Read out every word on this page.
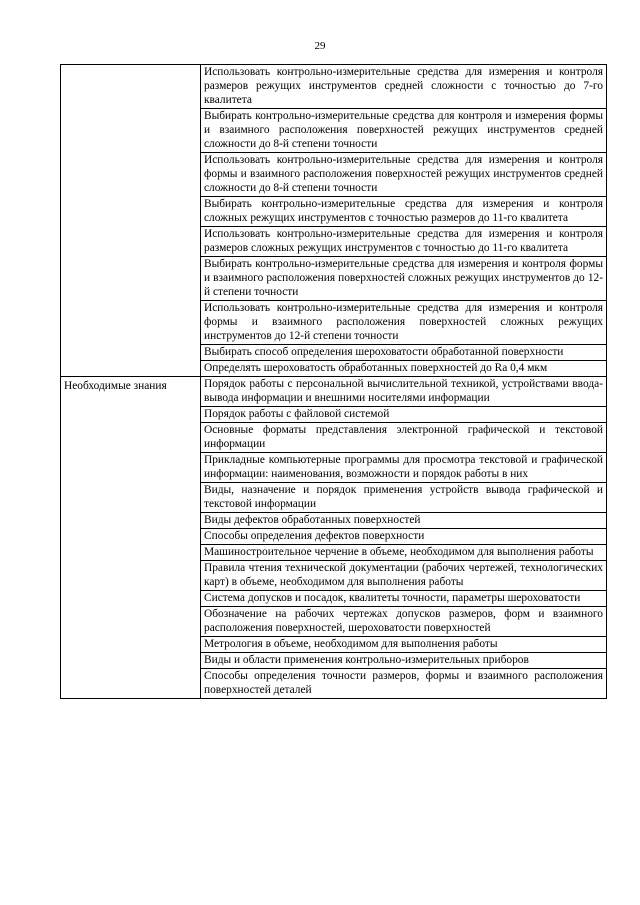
29
	Использовать контрольно-измерительные средства для измерения и контроля размеров режущих инструментов средней сложности с точностью до 7-го квалитета
	Выбирать контрольно-измерительные средства для контроля и измерения формы и взаимного расположения поверхностей режущих инструментов средней сложности до 8-й степени точности
	Использовать контрольно-измерительные средства для измерения и контроля формы и взаимного расположения поверхностей режущих инструментов средней сложности до 8-й степени точности
	Выбирать контрольно-измерительные средства для измерения и контроля сложных режущих инструментов с точностью размеров до 11-го квалитета
	Использовать контрольно-измерительные средства для измерения и контроля размеров сложных режущих инструментов с точностью до 11-го квалитета
	Выбирать контрольно-измерительные средства для измерения и контроля формы и взаимного расположения поверхностей сложных режущих инструментов до 12-й степени точности
	Использовать контрольно-измерительные средства для измерения и контроля формы и взаимного расположения поверхностей сложных режущих инструментов до 12-й степени точности
	Выбирать способ определения шероховатости обработанной поверхности
	Определять шероховатость обработанных поверхностей до Ra 0,4 мкм
Необходимые знания	Порядок работы с персональной вычислительной техникой, устройствами ввода-вывода информации и внешними носителями информации
	Порядок работы с файловой системой
	Основные форматы представления электронной графической и текстовой информации
	Прикладные компьютерные программы для просмотра текстовой и графической информации: наименования, возможности и порядок работы в них
	Виды, назначение и порядок применения устройств вывода графической и текстовой информации
	Виды дефектов обработанных поверхностей
	Способы определения дефектов поверхности
	Машиностроительное черчение в объеме, необходимом для выполнения работы
	Правила чтения технической документации (рабочих чертежей, технологических карт) в объеме, необходимом для выполнения работы
	Система допусков и посадок, квалитеты точности, параметры шероховатости
	Обозначение на рабочих чертежах допусков размеров, форм и взаимного расположения поверхностей, шероховатости поверхностей
	Метрология в объеме, необходимом для выполнения работы
	Виды и области применения контрольно-измерительных приборов
	Способы определения точности размеров, формы и взаимного расположения поверхностей деталей
